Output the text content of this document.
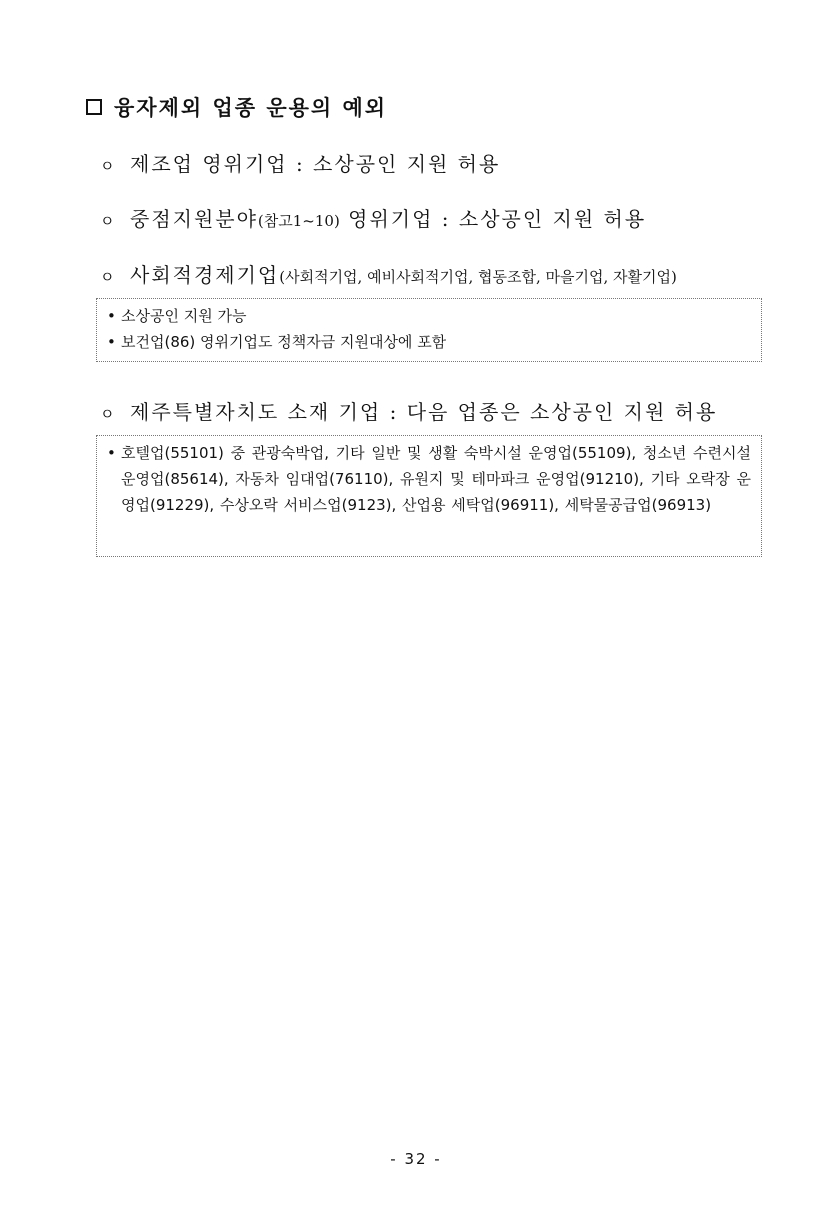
융자제외 업종 운용의 예외
ㅇ 제조업 영위기업 : 소상공인 지원 허용
ㅇ 중점지원분야 (참고1~10) 영위기업 : 소상공인 지원 허용
ㅇ 사회적경제기업 (사회적기업, 예비사회적기업, 협동조합, 마을기업, 자활기업)
• 소상공인 지원 가능
• 보건업(86) 영위기업도 정책자금 지원대상에 포함
ㅇ 제주특별자치도 소재 기업 : 다음 업종은 소상공인 지원 허용
• 호텔업(55101) 중 관광숙박업, 기타 일반 및 생활 숙박시설 운영업(55109), 청소년 수련시설 운영업(85614), 자동차 임대업(76110), 유원지 및 테마파크 운영업(91210), 기타 오락장 운영업(91229), 수상오락 서비스업(9123), 산업용 세탁업(96911), 세탁물공급업(96913)
- 32 -
